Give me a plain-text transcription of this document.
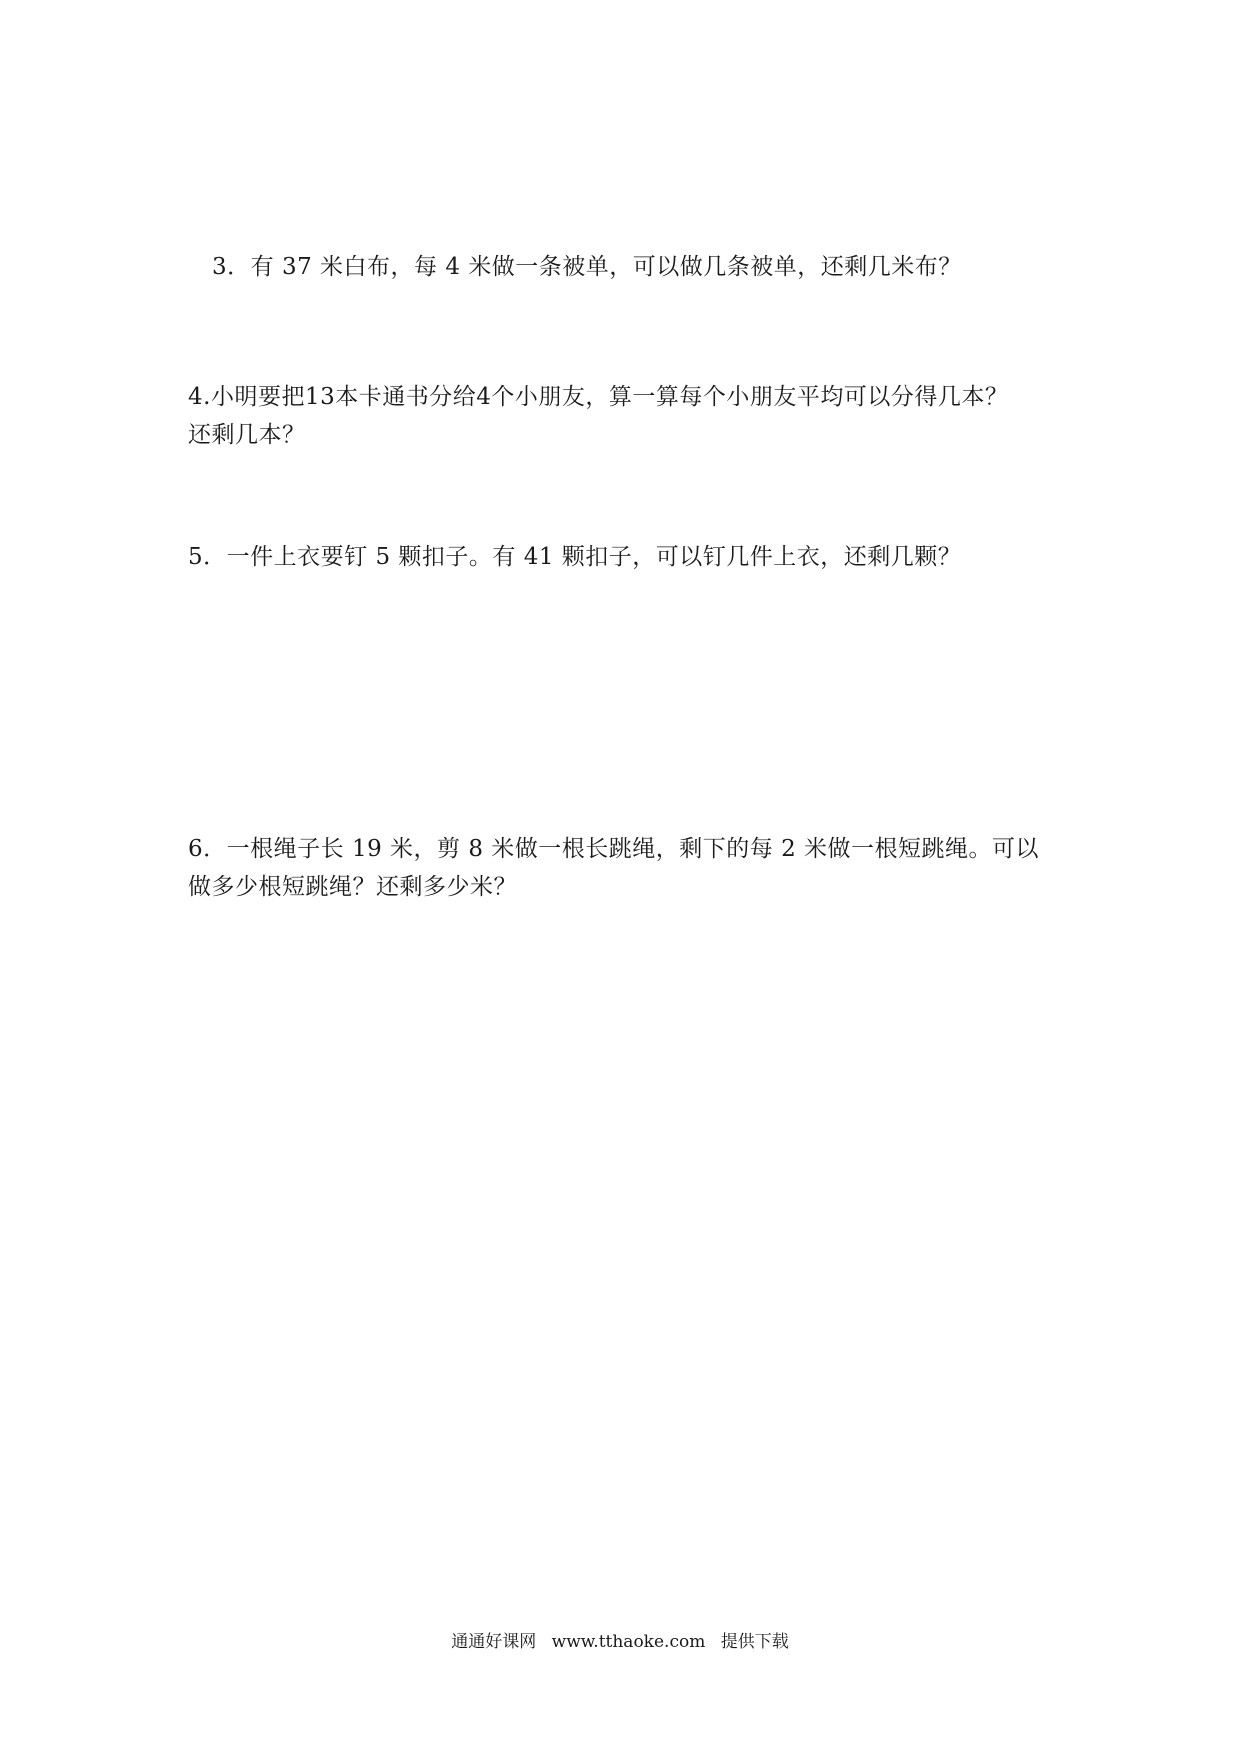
3．有 37 米白布，每 4 米做一条被单，可以做几条被单，还剩几米布？

4.小明要把13本卡通书分给4个小朋友，算一算每个小朋友平均可以分得几本？
还剩几本？

5．一件上衣要钉 5 颗扣子。有 41 颗扣子，可以钉几件上衣，还剩几颗？

6．一根绳子长 19 米，剪 8 米做一根长跳绳，剩下的每 2 米做一根短跳绳。可以
做多少根短跳绳？还剩多少米？

通通好课网 www.tthaoke.com 提供下载
